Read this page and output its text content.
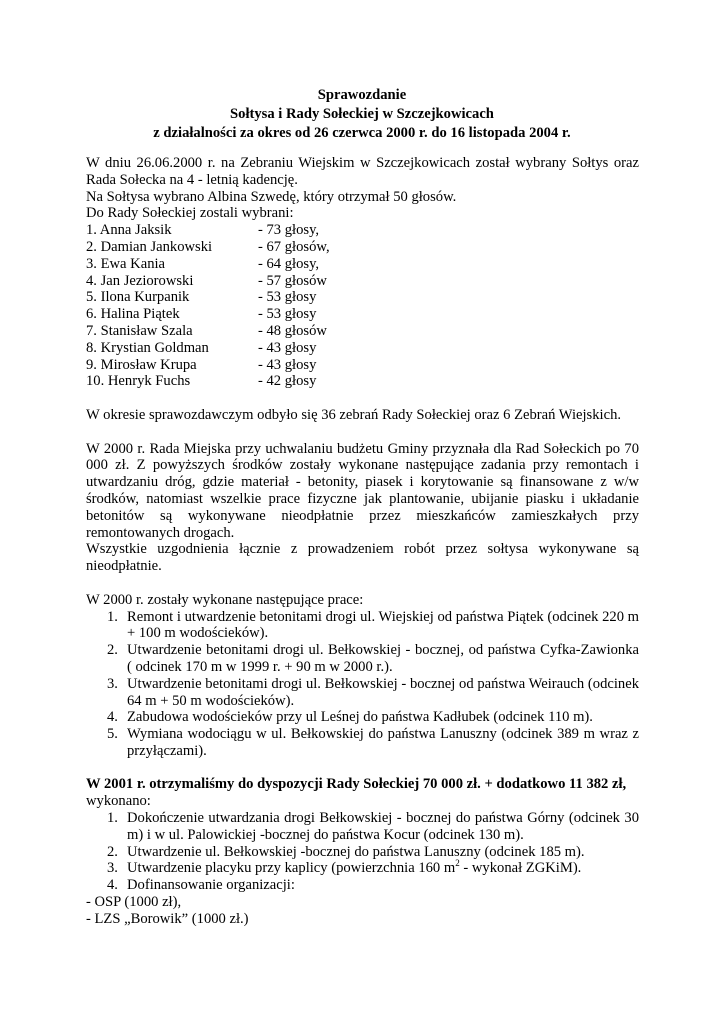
Sprawozdanie
Sołtysa i Rady Sołeckiej w Szczejkowicach
z działalności za okres od 26 czerwca 2000 r. do 16 listopada 2004 r.

W dniu 26.06.2000 r. na Zebraniu Wiejskim w Szczejkowicach został wybrany Sołtys oraz Rada Sołecka na 4 - letnią kadencję.

Na Sołtysa wybrano Albina Szwedę, który otrzymał 50 głosów.

Do Rady Sołeckiej zostali wybrani:

1. Anna Jaksik	- 73 głosy,
2. Damian Jankowski	- 67 głosów,
3. Ewa Kania	- 64 głosy,
4. Jan Jeziorowski	- 57 głosów
5. Ilona Kurpanik	- 53 głosy
6. Halina Piątek	- 53 głosy
7. Stanisław Szala	- 48 głosów
8. Krystian Goldman	- 43 głosy
9. Mirosław Krupa	- 43 głosy
10. Henryk Fuchs	- 42 głosy

W okresie sprawozdawczym odbyło się 36 zebrań Rady Sołeckiej oraz 6 Zebrań Wiejskich.

W 2000 r. Rada Miejska przy uchwalaniu budżetu Gminy przyznała dla Rad Sołeckich po 70 000 zł. Z powyższych środków zostały wykonane następujące zadania przy remontach i utwardzaniu dróg, gdzie materiał - betonity, piasek i korytowanie są finansowane z w/w środków, natomiast wszelkie prace fizyczne jak plantowanie, ubijanie piasku i układanie betonitów są wykonywane nieodpłatnie przez mieszkańców zamieszkałych przy remontowanych drogach.

Wszystkie uzgodnienia łącznie z prowadzeniem robót przez sołtysa wykonywane są nieodpłatnie.

W 2000 r. zostały wykonane następujące prace:

1. Remont i utwardzenie betonitami drogi ul. Wiejskiej od państwa Piątek (odcinek 220 m + 100 m wodościeków).
2. Utwardzenie betonitami drogi ul. Bełkowskiej - bocznej, od państwa Cyfka-Zawionka ( odcinek 170 m w 1999 r. + 90 m w 2000 r.).
3. Utwardzenie betonitami drogi ul. Bełkowskiej - bocznej od państwa Weirauch (odcinek 64 m + 50 m wodościeków).
4. Zabudowa wodościeków przy ul Leśnej do państwa Kadłubek (odcinek 110 m).
5. Wymiana wodociągu w ul. Bełkowskiej do państwa Lanuszny (odcinek 389 m wraz z przyłączami).

W 2001 r. otrzymaliśmy do dyspozycji Rady Sołeckiej 70 000 zł. + dodatkowo 11 382 zł,
wykonano:

1. Dokończenie utwardzania drogi Bełkowskiej - bocznej do państwa Górny (odcinek 30 m) i w ul. Palowickiej -bocznej do państwa Kocur (odcinek 130 m).
2. Utwardzenie ul. Bełkowskiej -bocznej do państwa Lanuszny (odcinek 185 m).
3. Utwardzenie placyku przy kaplicy (powierzchnia 160 $m^2$ - wykonał ZGKiM).
4. Dofinansowanie organizacji:
- OSP (1000 zł),
- LZS „Borowik” (1000 zł.)
